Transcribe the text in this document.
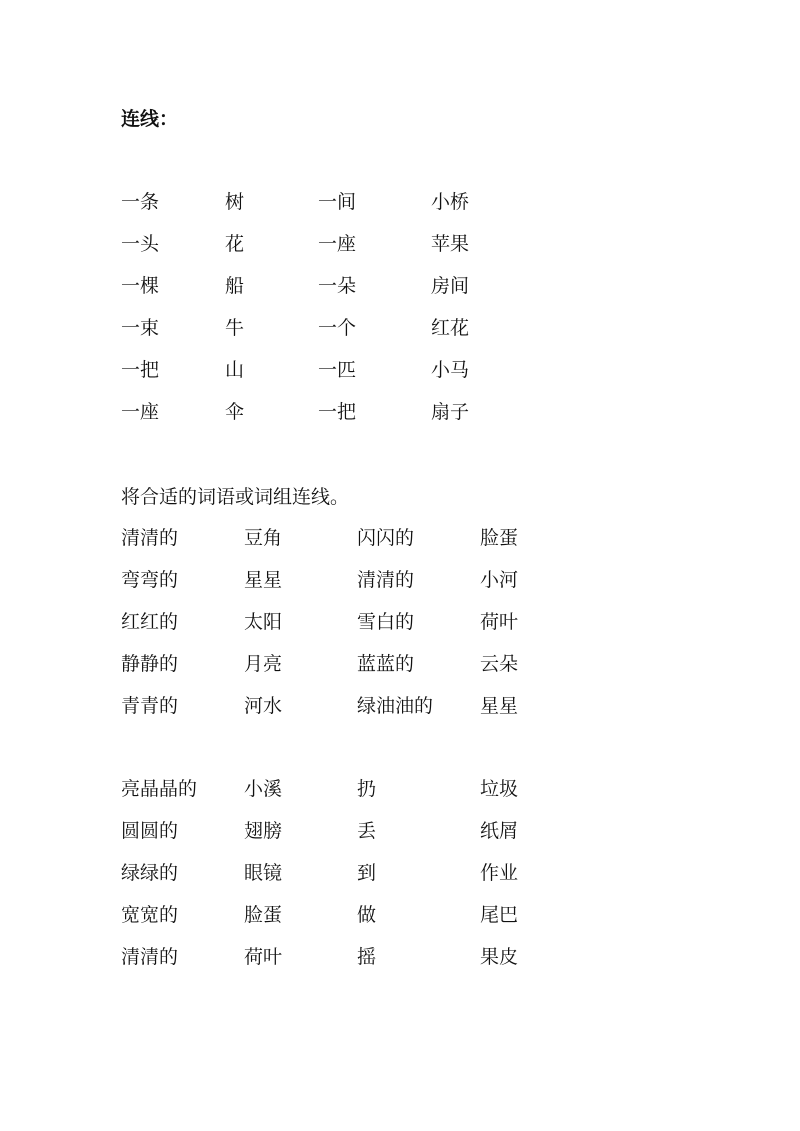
连线：
一条	树	一间	小桥
一头	花	一座	苹果
一棵	船	一朵	房间
一束	牛	一个	红花
一把	山	一匹	小马
一座	伞	一把	扇子
将合适的词语或词组连线。
清清的	豆角	闪闪的	脸蛋
弯弯的	星星	清清的	小河
红红的	太阳	雪白的	荷叶
静静的	月亮	蓝蓝的	云朵
青青的	河水	绿油油的 星星
亮晶晶的 小溪	扔	垃圾
圆圆的	翅膀	丢	纸屑
绿绿的	眼镜	到	作业
宽宽的	脸蛋	做	尾巴
清清的	荷叶	摇	果皮
